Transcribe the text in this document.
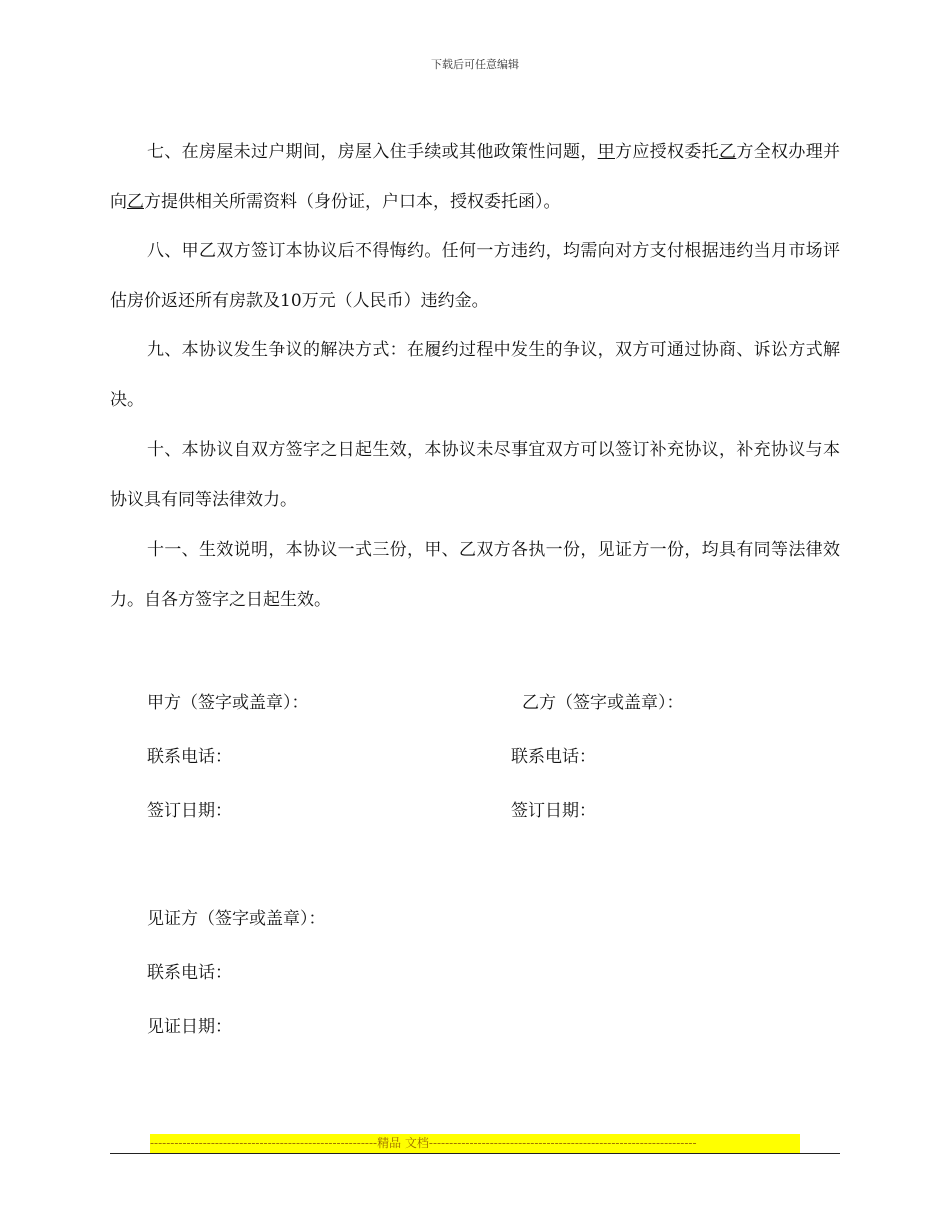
下载后可任意编辑

七、在房屋未过户期间，房屋入住手续或其他政策性问题，甲方应授权委托乙方全权办理并向乙方提供相关所需资料（身份证，户口本，授权委托函）。

八、甲乙双方签订本协议后不得悔约。任何一方违约，均需向对方支付根据违约当月市场评估房价返还所有房款及10万元（人民币）违约金。

九、本协议发生争议的解决方式：在履约过程中发生的争议，双方可通过协商、诉讼方式解决。

十、本协议自双方签字之日起生效，本协议未尽事宜双方可以签订补充协议，补充协议与本协议具有同等法律效力。

十一、生效说明，本协议一式三份，甲、乙双方各执一份，见证方一份，均具有同等法律效力。自各方签字之日起生效。

甲方（签字或盖章）：	乙方（签字或盖章）：
联系电话：	联系电话：
签订日期：	签订日期：
见证方（签字或盖章）：
联系电话：
见证日期：
--------------------------------------------------------精品 文档------------------------------------------------------------------
